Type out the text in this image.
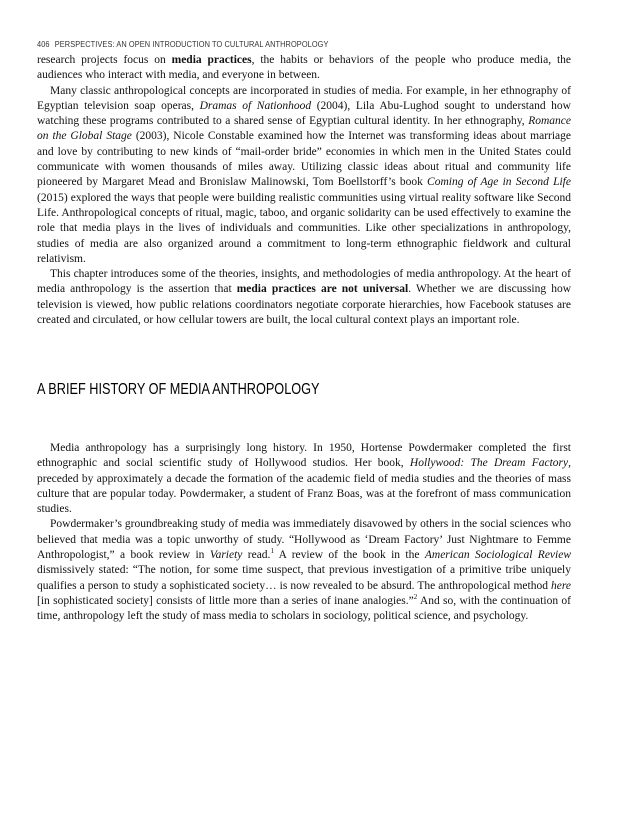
406 PERSPECTIVES: AN OPEN INTRODUCTION TO CULTURAL ANTHROPOLOGY

research projects focus on media practices, the habits or behaviors of the people who produce media, the audiences who interact with media, and everyone in between.

Many classic anthropological concepts are incorporated in studies of media. For example, in her ethnography of Egyptian television soap operas, Dramas of Nationhood (2004), Lila Abu-Lughod sought to understand how watching these programs contributed to a shared sense of Egyptian cultural identity. In her ethnography, Romance on the Global Stage (2003), Nicole Constable examined how the Internet was transforming ideas about marriage and love by contributing to new kinds of “mail-order bride” economies in which men in the United States could communicate with women thousands of miles away. Utilizing classic ideas about ritual and community life pioneered by Margaret Mead and Bronislaw Malinowski, Tom Boellstorff’s book Coming of Age in Second Life (2015) explored the ways that people were building realistic communities using virtual reality software like Second Life. Anthropological concepts of ritual, magic, taboo, and organic solidarity can be used effectively to examine the role that media plays in the lives of individuals and communities. Like other specializations in anthropology, studies of media are also organized around a commitment to long-term ethnographic fieldwork and cultural relativism.

This chapter introduces some of the theories, insights, and methodologies of media anthropology. At the heart of media anthropology is the assertion that media practices are not universal. Whether we are discussing how television is viewed, how public relations coordinators negotiate corporate hierarchies, how Facebook statuses are created and circulated, or how cellular towers are built, the local cultural context plays an important role.

A BRIEF HISTORY OF MEDIA ANTHROPOLOGY

Media anthropology has a surprisingly long history. In 1950, Hortense Powdermaker completed the first ethnographic and social scientific study of Hollywood studios. Her book, Hollywood: The Dream Factory, preceded by approximately a decade the formation of the academic field of media studies and the theories of mass culture that are popular today. Powdermaker, a student of Franz Boas, was at the forefront of mass communication studies.

Powdermaker’s groundbreaking study of media was immediately disavowed by others in the social sciences who believed that media was a topic unworthy of study. “Hollywood as ‘Dream Factory’ Just Nightmare to Femme Anthropologist,” a book review in Variety read.$^1$ A review of the book in the American Sociological Review dismissively stated: “The notion, for some time suspect, that previous investigation of a primitive tribe uniquely qualifies a person to study a sophisticated society… is now revealed to be absurd. The anthropological method here [in sophisticated society] consists of little more than a series of inane analogies.”$^2$ And so, with the continuation of time, anthropology left the study of mass media to scholars in sociology, political science, and psychology.
